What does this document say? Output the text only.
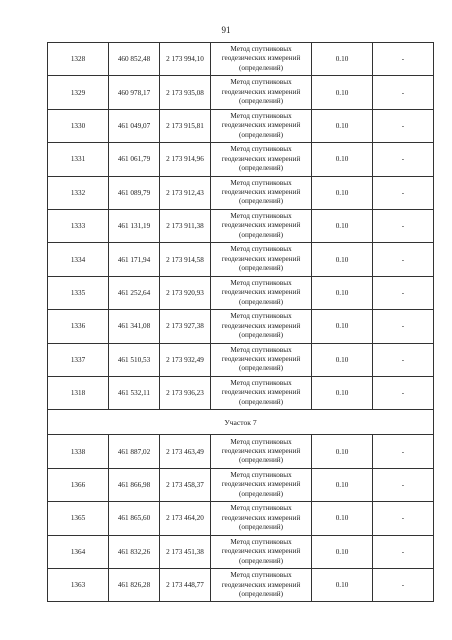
91
1328	460 852,48	2 173 994,10	Метод спутниковых
геодезических измерений
(определений)	0.10	-
1329	460 978,17	2 173 935,08	Метод спутниковых
геодезических измерений
(определений)	0.10	-
1330	461 049,07	2 173 915,81	Метод спутниковых
геодезических измерений
(определений)	0.10	-
1331	461 061,79	2 173 914,96	Метод спутниковых
геодезических измерений
(определений)	0.10	-
1332	461 089,79	2 173 912,43	Метод спутниковых
геодезических измерений
(определений)	0.10	-
1333	461 131,19	2 173 911,38	Метод спутниковых
геодезических измерений
(определений)	0.10	-
1334	461 171,94	2 173 914,58	Метод спутниковых
геодезических измерений
(определений)	0.10	-
1335	461 252,64	2 173 920,93	Метод спутниковых
геодезических измерений
(определений)	0.10	-
1336	461 341,08	2 173 927,38	Метод спутниковых
геодезических измерений
(определений)	0.10	-
1337	461 510,53	2 173 932,49	Метод спутниковых
геодезических измерений
(определений)	0.10	-
1318	461 532,11	2 173 936,23	Метод спутниковых
геодезических измерений
(определений)	0.10	-
Участок 7					
1338	461 887,02	2 173 463,49	Метод спутниковых
геодезических измерений
(определений)	0.10	-
1366	461 866,98	2 173 458,37	Метод спутниковых
геодезических измерений
(определений)	0.10	-
1365	461 865,60	2 173 464,20	Метод спутниковых
геодезических измерений
(определений)	0.10	-
1364	461 832,26	2 173 451,38	Метод спутниковых
геодезических измерений
(определений)	0.10	-
1363	461 826,28	2 173 448,77	Метод спутниковых
геодезических измерений
(определений)	0.10	-
